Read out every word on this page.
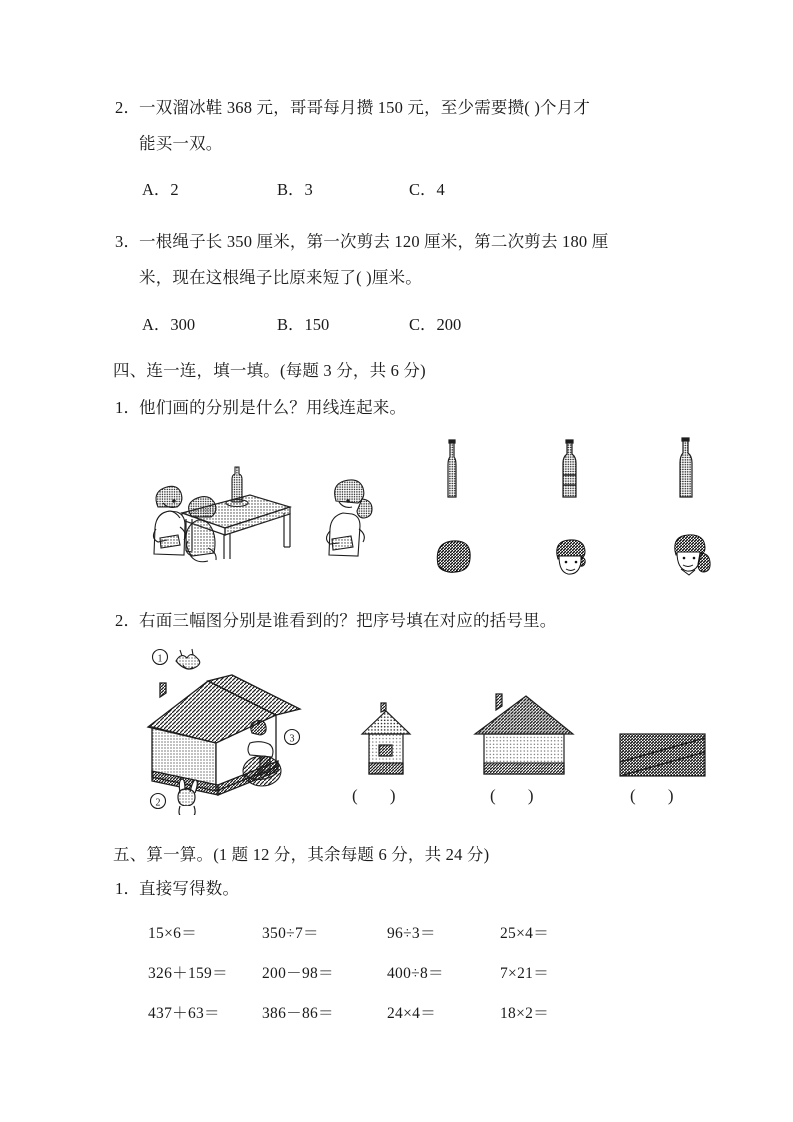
2．一双溜冰鞋 368 元，哥哥每月攒 150 元，至少需要攒( )个月才
能买一双。
A．2	B．3	C．4
3．一根绳子长 350 厘米，第一次剪去 120 厘米，第二次剪去 180 厘
米，现在这根绳子比原来短了( )厘米。
A．300	B．150	C．200
四、连一连，填一填。(每题 3 分，共 6 分)
1．他们画的分别是什么？用线连起来。
2．右面三幅图分别是谁看到的？把序号填在对应的括号里。
1
2
3
( )	( )	( )
五、算一算。(1 题 12 分，其余每题 6 分，共 24 分)
1．直接写得数。
15×6＝	350÷7＝	96÷3＝	25×4＝
326＋159＝ 200－98＝	400÷8＝	7×21＝
437＋63＝	386－86＝	24×4＝	18×2＝
